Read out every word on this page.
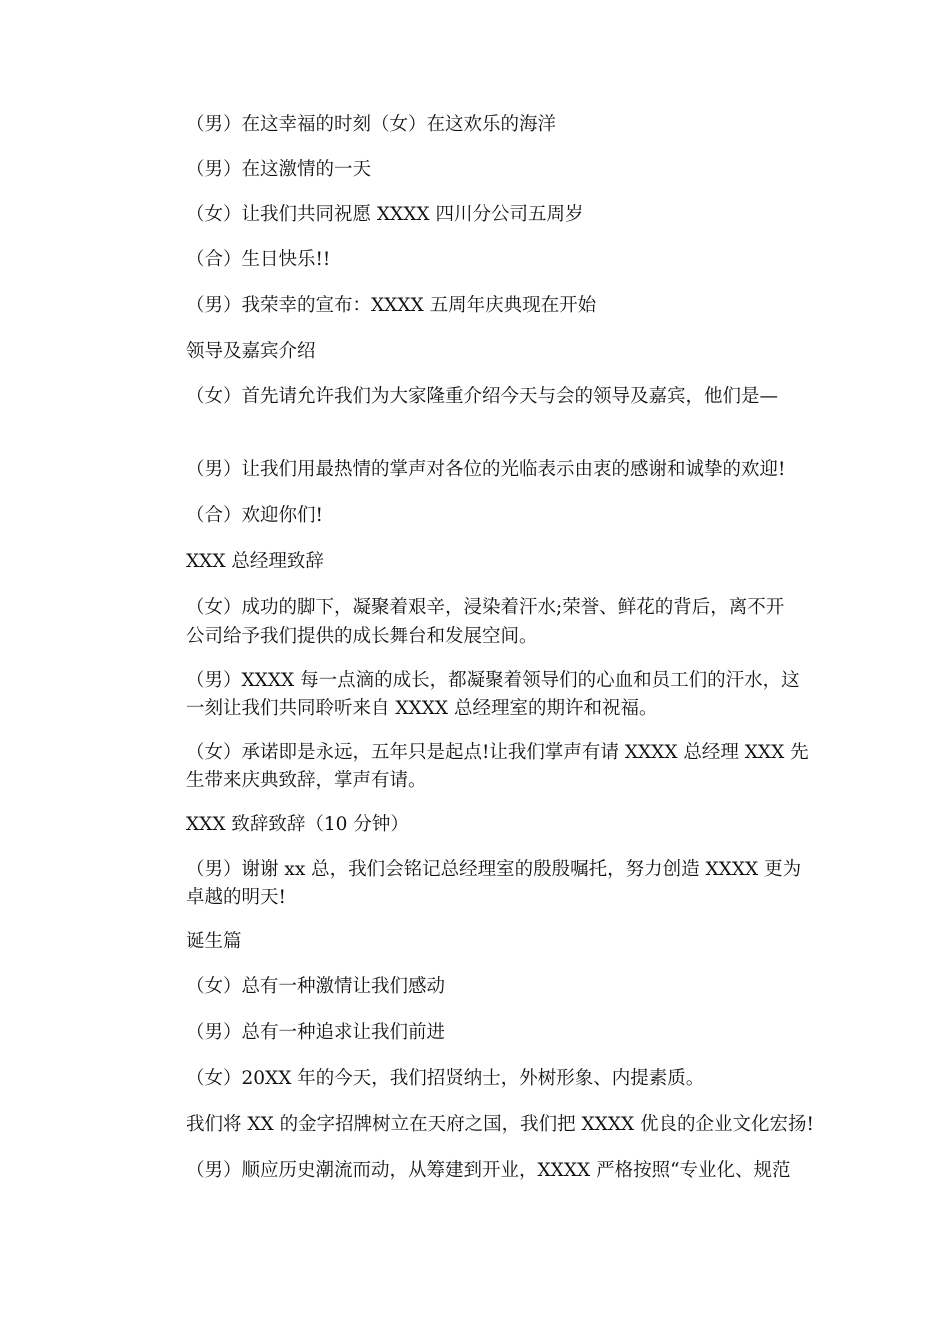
（男）在这幸福的时刻（女）在这欢乐的海洋
（男）在这激情的一天
（女）让我们共同祝愿 XXXX 四川分公司五周岁
（合）生日快乐!!
（男）我荣幸的宣布：XXXX 五周年庆典现在开始
领导及嘉宾介绍
（女）首先请允许我们为大家隆重介绍今天与会的领导及嘉宾，他们是—
（男）让我们用最热情的掌声对各位的光临表示由衷的感谢和诚挚的欢迎!
（合）欢迎你们!
XXX 总经理致辞
（女）成功的脚下，凝聚着艰辛，浸染着汗水;荣誉、鲜花的背后，离不开
公司给予我们提供的成长舞台和发展空间。
（男）XXXX 每一点滴的成长，都凝聚着领导们的心血和员工们的汗水，这
一刻让我们共同聆听来自 XXXX 总经理室的期许和祝福。
（女）承诺即是永远，五年只是起点!让我们掌声有请 XXXX 总经理 XXX 先
生带来庆典致辞，掌声有请。
XXX 致辞致辞（10 分钟）
（男）谢谢 xx 总，我们会铭记总经理室的殷殷嘱托，努力创造 XXXX 更为
卓越的明天!
诞生篇
（女）总有一种激情让我们感动
（男）总有一种追求让我们前进
（女）20XX 年的今天，我们招贤纳士，外树形象、内提素质。
我们将 XX 的金字招牌树立在天府之国，我们把 XXXX 优良的企业文化宏扬!
（男）顺应历史潮流而动，从筹建到开业，XXXX 严格按照“专业化、规范
